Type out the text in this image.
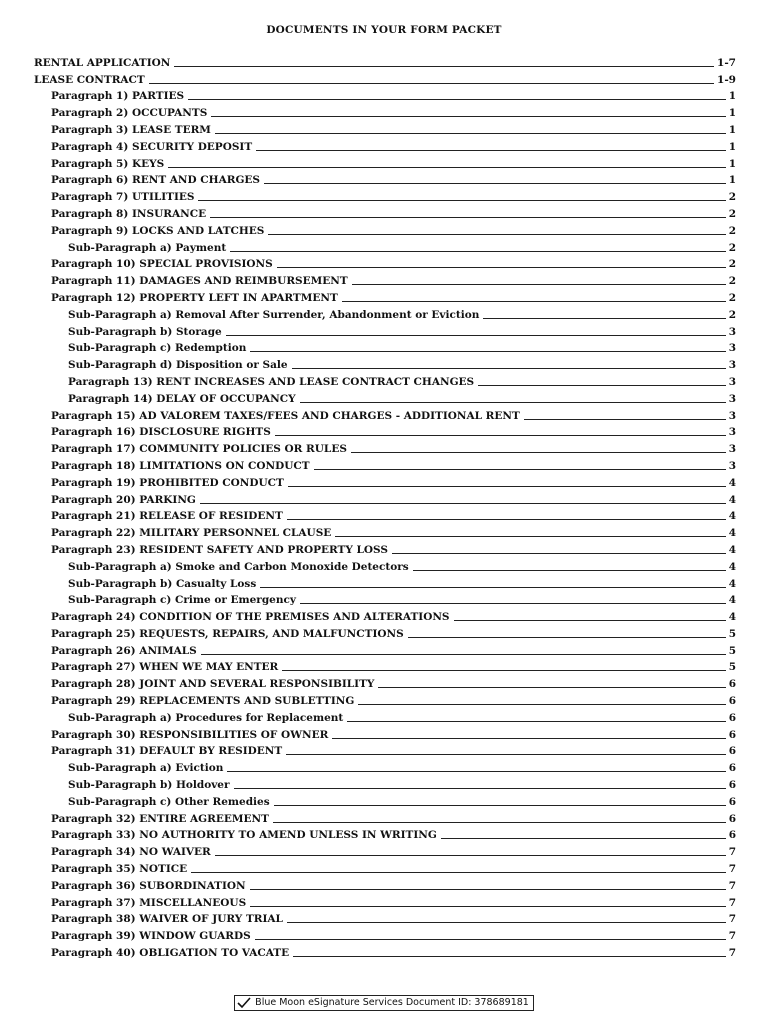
DOCUMENTS IN YOUR FORM PACKET
RENTAL APPLICATION	1-7
LEASE CONTRACT	1-9
Paragraph 1) PARTIES	1
Paragraph 2) OCCUPANTS	1
Paragraph 3) LEASE TERM	1
Paragraph 4) SECURITY DEPOSIT	1
Paragraph 5) KEYS	1
Paragraph 6) RENT AND CHARGES	1
Paragraph 7) UTILITIES	2
Paragraph 8) INSURANCE	2
Paragraph 9) LOCKS AND LATCHES	2
Sub-Paragraph a) Payment	2
Paragraph 10) SPECIAL PROVISIONS	2
Paragraph 11) DAMAGES AND REIMBURSEMENT	2
Paragraph 12) PROPERTY LEFT IN APARTMENT	2
Sub-Paragraph a) Removal After Surrender, Abandonment or Eviction	2
Sub-Paragraph b) Storage	3
Sub-Paragraph c) Redemption	3
Sub-Paragraph d) Disposition or Sale	3
Paragraph 13) RENT INCREASES AND LEASE CONTRACT CHANGES	3
Paragraph 14) DELAY OF OCCUPANCY	3
Paragraph 15) AD VALOREM TAXES/FEES AND CHARGES - ADDITIONAL RENT	3
Paragraph 16) DISCLOSURE RIGHTS	3
Paragraph 17) COMMUNITY POLICIES OR RULES	3
Paragraph 18) LIMITATIONS ON CONDUCT	3
Paragraph 19) PROHIBITED CONDUCT	4
Paragraph 20) PARKING	4
Paragraph 21) RELEASE OF RESIDENT	4
Paragraph 22) MILITARY PERSONNEL CLAUSE	4
Paragraph 23) RESIDENT SAFETY AND PROPERTY LOSS	4
Sub-Paragraph a) Smoke and Carbon Monoxide Detectors	4
Sub-Paragraph b) Casualty Loss	4
Sub-Paragraph c) Crime or Emergency	4
Paragraph 24) CONDITION OF THE PREMISES AND ALTERATIONS	4
Paragraph 25) REQUESTS, REPAIRS, AND MALFUNCTIONS	5
Paragraph 26) ANIMALS	5
Paragraph 27) WHEN WE MAY ENTER	5
Paragraph 28) JOINT AND SEVERAL RESPONSIBILITY	6
Paragraph 29) REPLACEMENTS AND SUBLETTING	6
Sub-Paragraph a) Procedures for Replacement	6
Paragraph 30) RESPONSIBILITIES OF OWNER	6
Paragraph 31) DEFAULT BY RESIDENT	6
Sub-Paragraph a) Eviction	6
Sub-Paragraph b) Holdover	6
Sub-Paragraph c) Other Remedies	6
Paragraph 32) ENTIRE AGREEMENT	6
Paragraph 33) NO AUTHORITY TO AMEND UNLESS IN WRITING	6
Paragraph 34) NO WAIVER	7
Paragraph 35) NOTICE	7
Paragraph 36) SUBORDINATION	7
Paragraph 37) MISCELLANEOUS	7
Paragraph 38) WAIVER OF JURY TRIAL	7
Paragraph 39) WINDOW GUARDS	7
Paragraph 40) OBLIGATION TO VACATE	7
Blue Moon eSignature Services Document ID: 378689181
